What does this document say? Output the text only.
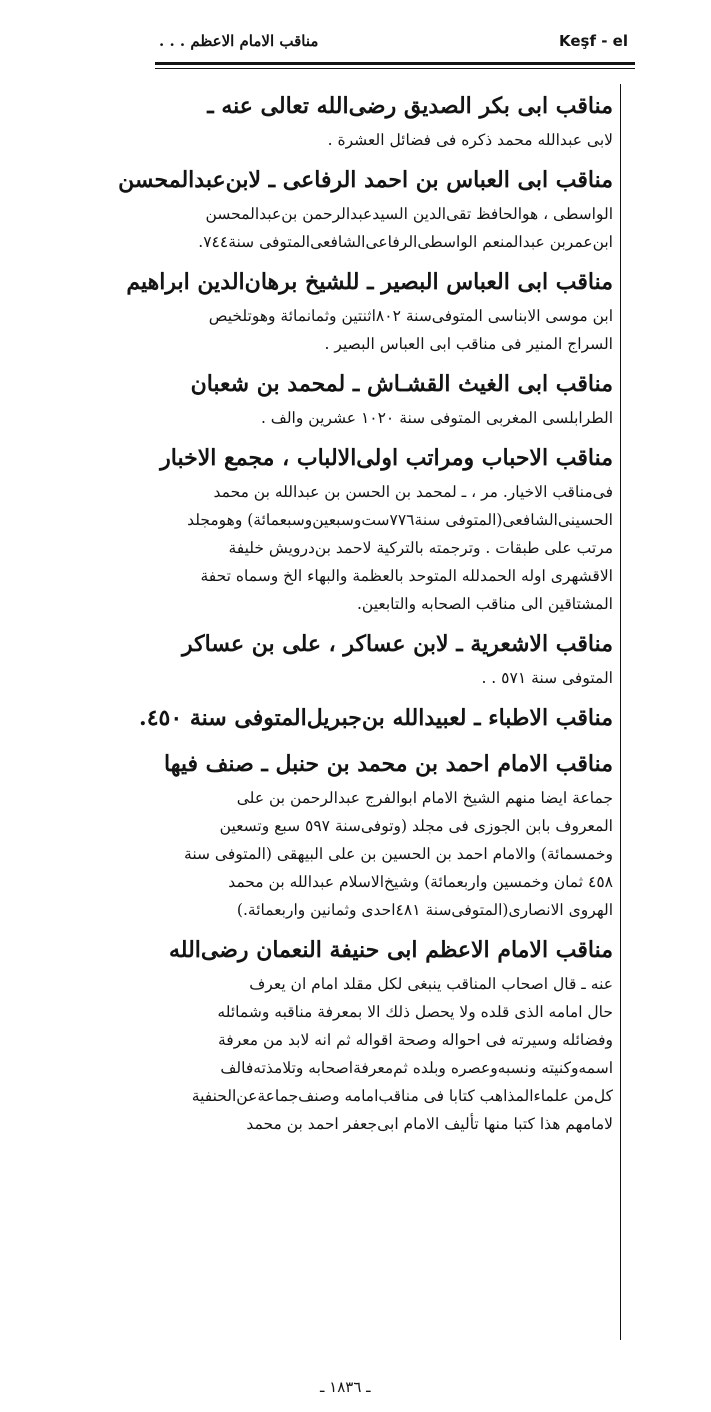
مناقب الامام الاعظم . . .	Keşf - el

مناقب ابى بكر الصديق رضى‌الله تعالى عنه ـ

لابى عبدالله محمد ذكره فى فضائل العشرة .

مناقب ابى العباس بن احمد الرفاعى ـ لابن‌عبدالمحسن

الواسطى ، هوالحافظ تقى‌الدين السيدعبدالرحمن بن‌عبدالمحسن

ابن‌عمربن عبدالمنعم الواسطى‌الرفاعى‌الشافعى‌المتوفى سنة٧٤٤.

مناقب ابى العباس البصير ـ للشيخ برهان‌الدين ابراهيم

ابن موسى الابناسى المتوفى‌سنة ٨٠٢اثنتين وثمانمائة وهوتلخيص

السراج المنير فى مناقب ابى العباس البصير .

مناقب ابى الغيث القشـاش ـ لمحمد بن شعبان

الطرابلسى المغربى المتوفى سنة ١٠٢٠ عشرين والف .

مناقب الاحباب ومراتب اولى‌الالباب ، مجمع الاخبار

فى‌مناقب الاخيار. مر ، ـ لمحمد بن الحسن بن عبدالله بن محمد

الحسينى‌الشافعى(المتوفى سنة٧٧٦ست‌وسبعين‌وسبعمائة) وهومجلد

مرتب على طبقات . وترجمته بالتركية لاحمد بن‌درويش خليفة

الاقشهرى اوله الحمدلله المتوحد بالعظمة والبهاء الخ وسماه تحفة

المشتاقين الى مناقب الصحابه والتابعين.

مناقب الاشعرية ـ لابن عساكر ، على بن عساكر

المتوفى سنة ٥٧١ . .

مناقب الاطباء ـ لعبيدالله بن‌جبريل‌المتوفى سنة ٤٥٠.

مناقب الامام احمد بن محمد بن حنبل ـ صنف فيها

جماعة ايضا منهم الشيخ الامام ابوالفرج عبدالرحمن بن على

المعروف بابن الجوزى فى مجلد (وتوفى‌سنة ٥٩٧ سبع وتسعين

وخمسمائة) والامام احمد بن الحسين بن على البيهقى (المتوفى سنة

٤٥٨ ثمان وخمسين واربعمائة) وشيخ‌الاسلام عبدالله بن محمد

الهروى الانصارى(المتوفى‌سنة ٤٨١احدى وثمانين واربعمائة.)

مناقب الامام الاعظم ابى حنيفة النعمان رضى‌الله

عنه ـ قال اصحاب المناقب ينبغى لكل مقلد امام ان يعرف

حال امامه الذى قلده ولا يحصل ذلك الا بمعرفة مناقبه وشمائله

وفضائله وسيرته فى احواله وصحة اقواله ثم انه لابد من معرفة

اسمه‌وكنيته ونسبه‌وعصره وبلده ثم‌معرفة‌اصحابه وتلامذته‌فالف

كل‌من علماء‌المذاهب كتابا فى مناقب‌امامه وصنف‌جماعة‌عن‌الحنفية

لامامهم هذا كتبا منها تأليف الامام ابى‌جعفر احمد بن محمد

ـ ١٨٣٦ ـ
